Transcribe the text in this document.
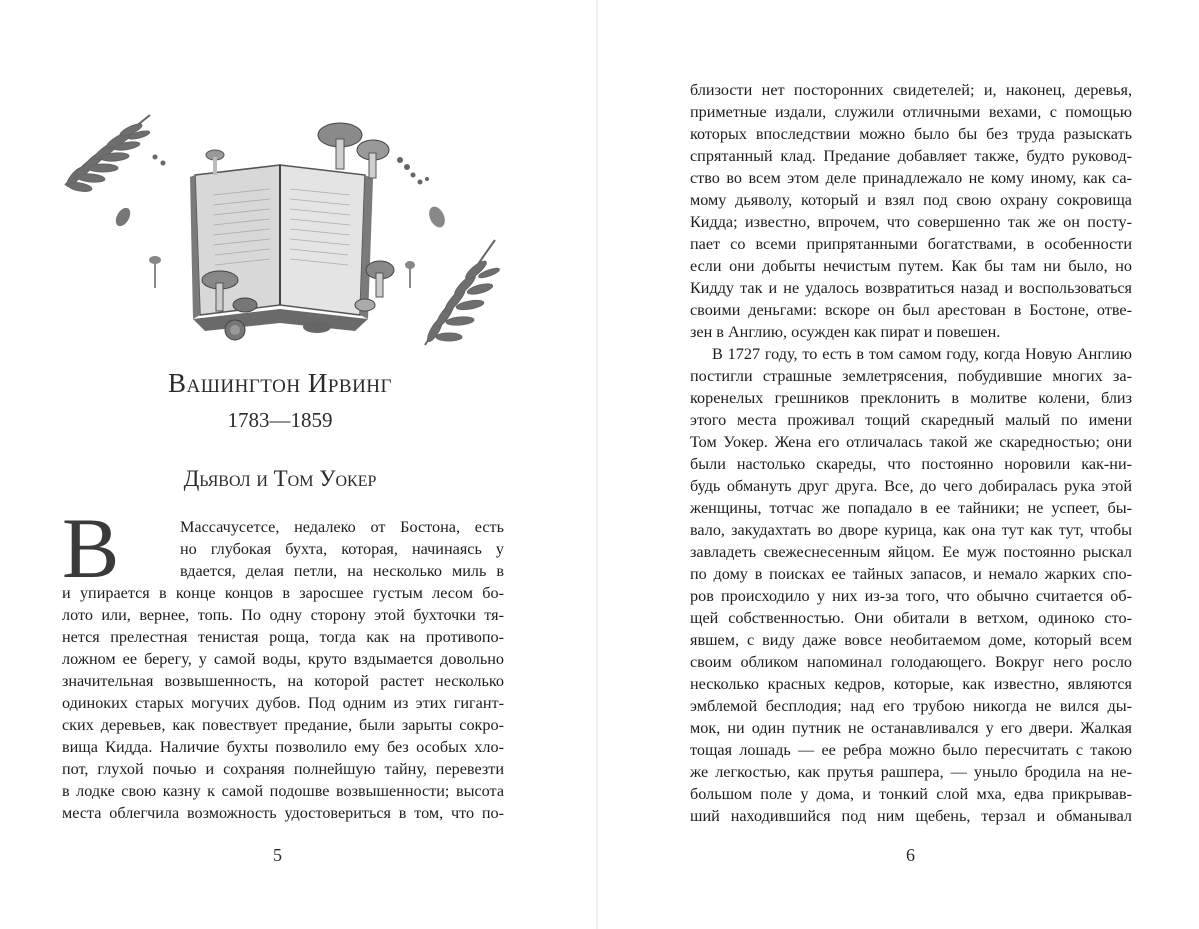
Вашингтон Ирвинг
1783—1859
Дьявол и Том Уокер
В	Массачусетсе, недалеко от Бостона, есть
но глубокая бухта, которая, начинаясь у
вдается, делая петли, на несколько миль в
и упирается в конце концов в заросшее густым лесом бо-
лото или, вернее, топь. По одну сторону этой бухточки тя-
нется прелестная тенистая роща, тогда как на противопо-
ложном ее берегу, у самой воды, круто вздымается довольно
значительная возвышенность, на которой растет несколько
одиноких старых могучих дубов. Под одним из этих гигант-
ских деревьев, как повествует предание, были зарыты сокро-
вища Кидда. Наличие бухты позволило ему без особых хло-
пот, глухой почью и сохраняя полнейшую тайну, перевезти
в лодке свою казну к самой подошве возвышенности; высота
места облегчила возможность удостовериться в том, что по-
5
близости нет посторонних свидетелей; и, наконец, деревья,
приметные издали, служили отличными вехами, с помощью
которых впоследствии можно было бы без труда разыскать
спрятанный клад. Предание добавляет также, будто руковод-
ство во всем этом деле принадлежало не кому иному, как са-
мому дьяволу, который и взял под свою охрану сокровища
Кидда; известно, впрочем, что совершенно так же он посту-
пает со всеми припрятанными богатствами, в особенности
если они добыты нечистым путем. Как бы там ни было, но
Кидду так и не удалось возвратиться назад и воспользоваться
своими деньгами: вскоре он был арестован в Бостоне, отве-
зен в Англию, осужден как пират и повешен.
В 1727 году, то есть в том самом году, когда Новую Англию
постигли страшные землетрясения, побудившие многих за-
коренелых грешников преклонить в молитве колени, близ
этого места проживал тощий скаредный малый по имени
Том Уокер. Жена его отличалась такой же скаредностью; они
были настолько скареды, что постоянно норовили как-ни-
будь обмануть друг друга. Все, до чего добиралась рука этой
женщины, тотчас же попадало в ее тайники; не успеет, бы-
вало, закудахтать во дворе курица, как она тут как тут, чтобы
завладеть свежеснесенным яйцом. Ее муж постоянно рыскал
по дому в поисках ее тайных запасов, и немало жарких спо-
ров происходило у них из-за того, что обычно считается об-
щей собственностью. Они обитали в ветхом, одиноко сто-
явшем, с виду даже вовсе необитаемом доме, который всем
своим обликом напоминал голодающего. Вокруг него росло
несколько красных кедров, которые, как известно, являются
эмблемой бесплодия; над его трубою никогда не вился ды-
мок, ни один путник не останавливался у его двери. Жалкая
тощая лошадь — ее ребра можно было пересчитать с такою
же легкостью, как прутья рашпера, — уныло бродила на не-
большом поле у дома, и тонкий слой мха, едва прикрывав-
ший находившийся под ним щебень, терзал и обманывал
6
